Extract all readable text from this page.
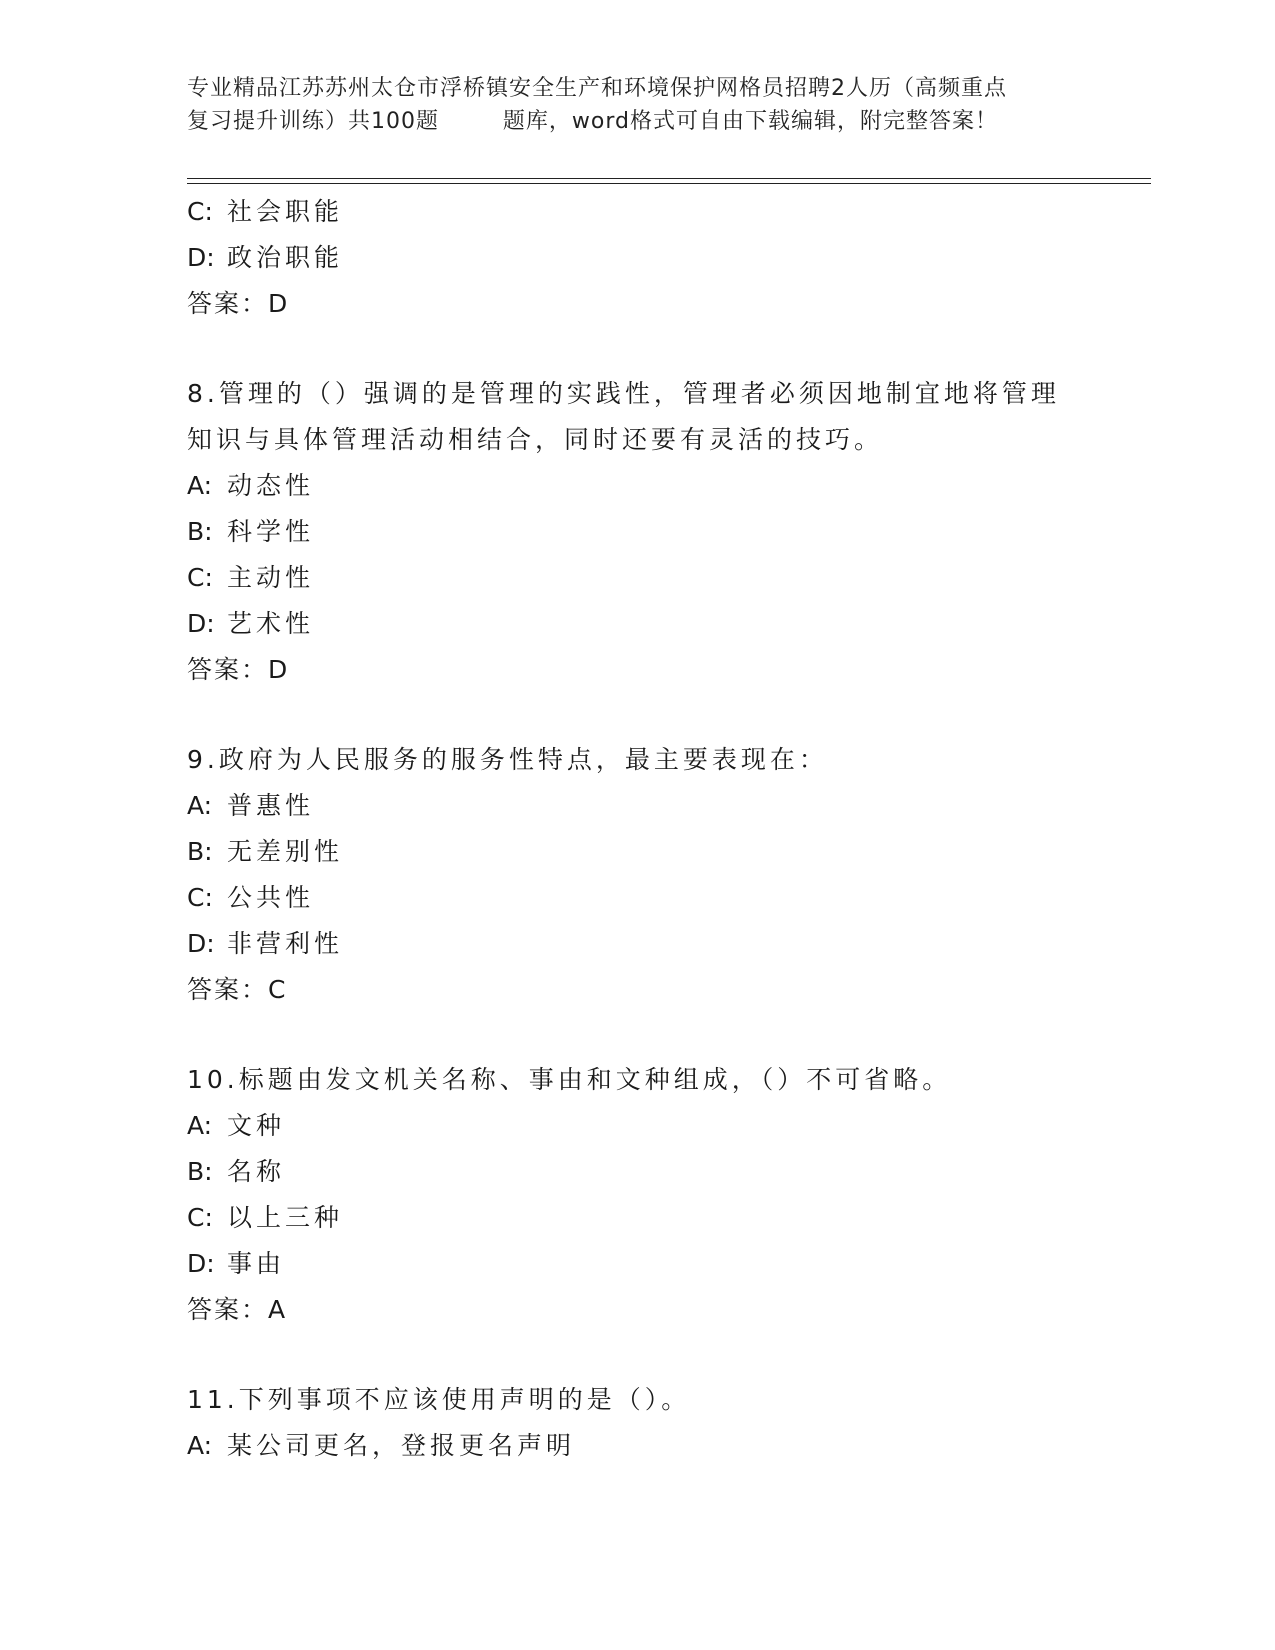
专业精品江苏苏州太仓市浮桥镇安全生产和环境保护网格员招聘2人历（高频重点
复习提升训练）共100题        题库，word格式可自由下载编辑，附完整答案！
C: 社会职能
D: 政治职能
答案：D
8.管理的（）强调的是管理的实践性，管理者必须因地制宜地将管理
知识与具体管理活动相结合，同时还要有灵活的技巧。
A: 动态性
B: 科学性
C: 主动性
D: 艺术性
答案：D
9.政府为人民服务的服务性特点，最主要表现在：
A: 普惠性
B: 无差别性
C: 公共性
D: 非营利性
答案：C
10.标题由发文机关名称、事由和文种组成，（）不可省略。
A: 文种
B: 名称
C: 以上三种
D: 事由
答案：A
11.下列事项不应该使用声明的是（）。
A: 某公司更名，登报更名声明
